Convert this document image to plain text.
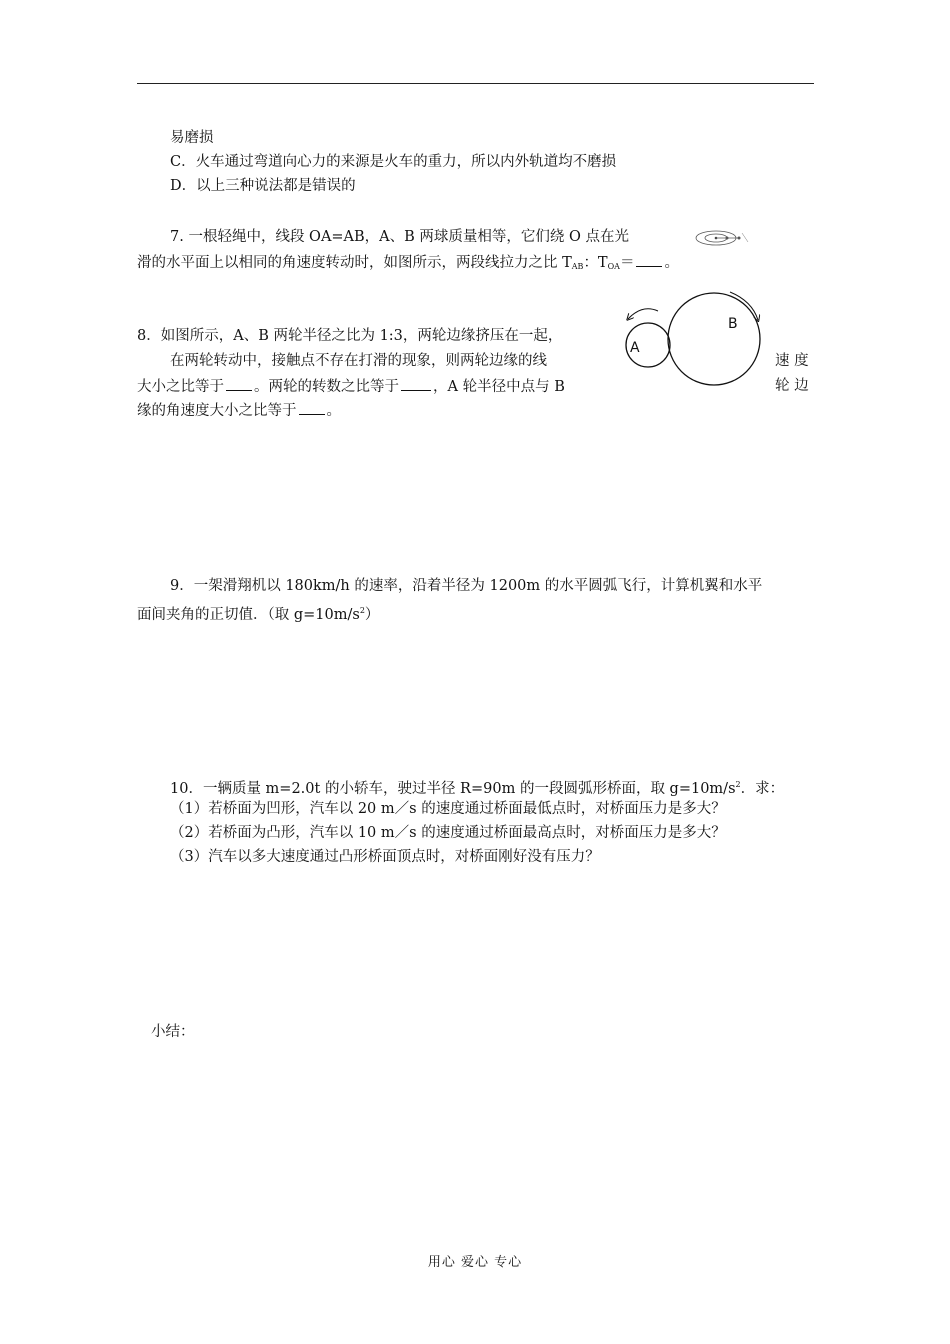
易磨损
C．火车通过弯道向心力的来源是火车的重力，所以内外轨道均不磨损
D．以上三种说法都是错误的
7. 一根轻绳中，线段 OA=AB，A、B 两球质量相等，它们绕 O 点在光
滑的水平面上以相同的角速度转动时，如图所示，两段线拉力之比 $T_{AB}$：$T_{OA}=$ 。
8．如图所示，A、B 两轮半径之比为 1:3，两轮边缘挤压在一起，
在两轮转动中，接触点不存在打滑的现象，则两轮边缘的线	速 度
大小之比等于 。两轮的转数之比等于 ，A 轮半径中点与 B	轮 边
缘的角速度大小之比等于 。
A
B
9．一架滑翔机以 180km/h 的速率，沿着半径为 1200m 的水平圆弧飞行，计算机翼和水平
面间夹角的正切值．（取 $g=10m/s^2$）
10．一辆质量 m=2.0t 的小轿车，驶过半径 R=90m 的一段圆弧形桥面，取 $g=10m/s^2$．求：
（1）若桥面为凹形，汽车以 20 m／s 的速度通过桥面最低点时，对桥面压力是多大？
（2）若桥面为凸形，汽车以 10 m／s 的速度通过桥面最高点时，对桥面压力是多大？
（3）汽车以多大速度通过凸形桥面顶点时，对桥面刚好没有压力？
小结：
用心 爱心 专心
